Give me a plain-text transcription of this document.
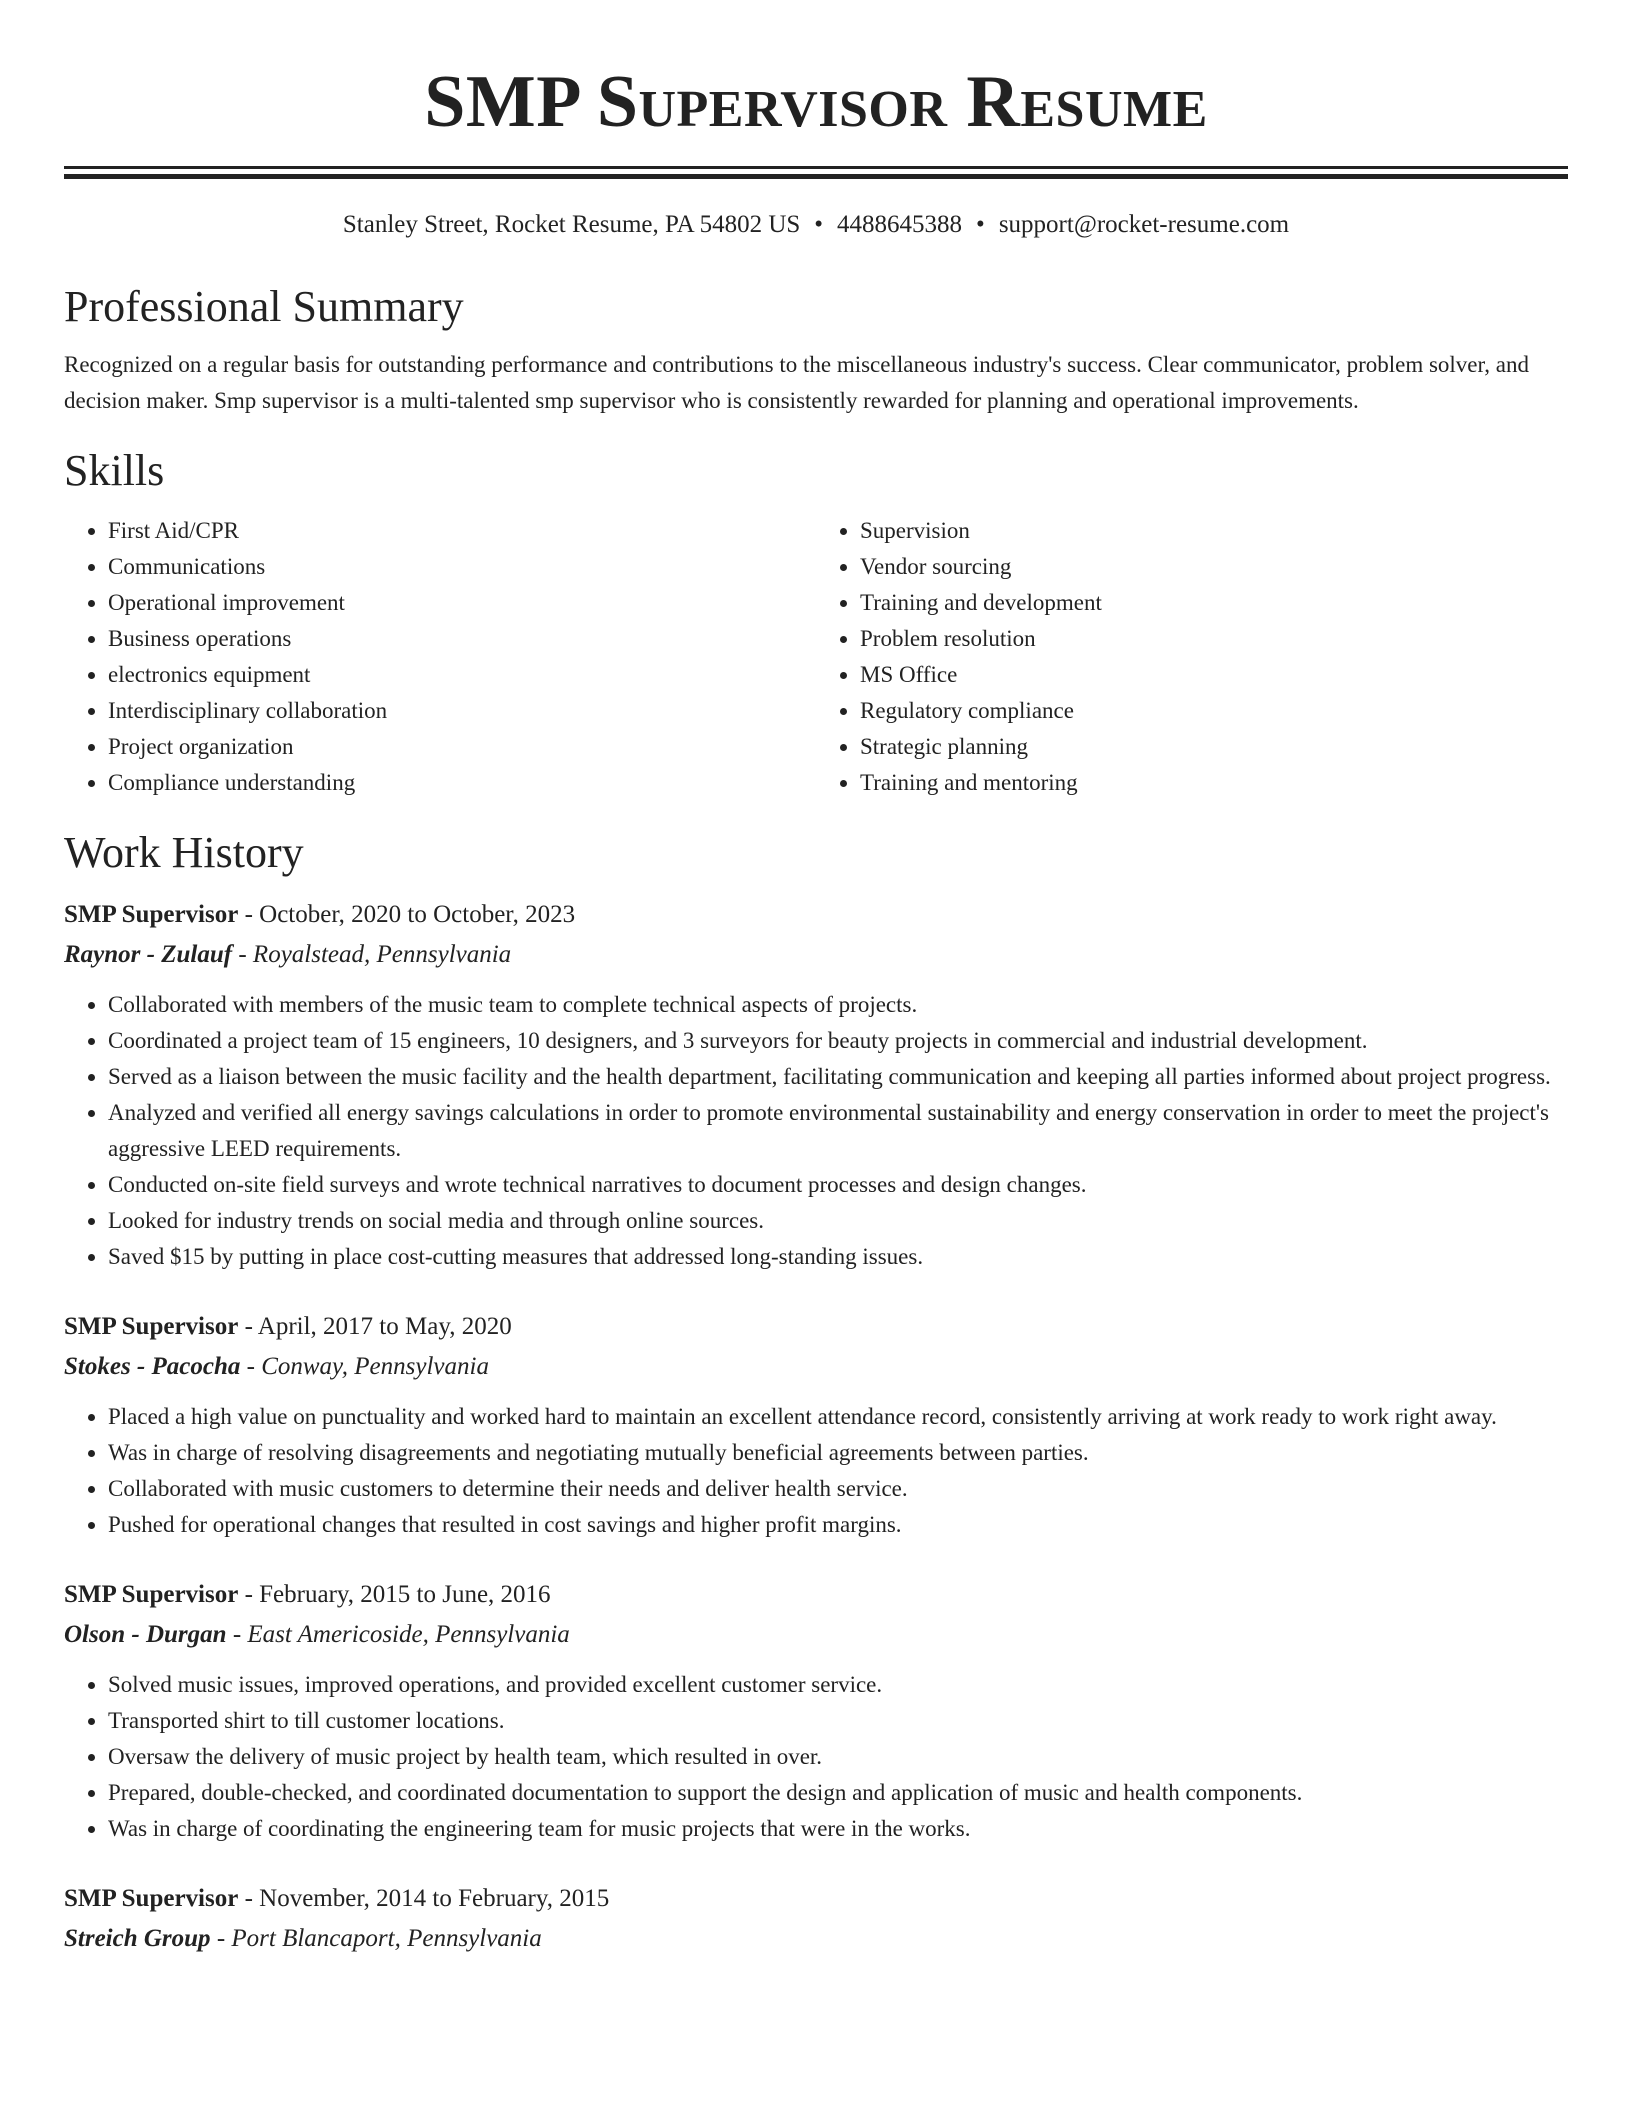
SMP Supervisor Resume
Stanley Street, Rocket Resume, PA 54802 US • 4488645388 • support@rocket-resume.com
Professional Summary

Recognized on a regular basis for outstanding performance and contributions to the miscellaneous industry's success. Clear communicator, problem solver, and decision maker. Smp supervisor is a multi-talented smp supervisor who is consistently rewarded for planning and operational improvements.

Skills
• First Aid/CPR
• Communications
• Operational improvement
• Business operations
• electronics equipment
• Interdisciplinary collaboration
• Project organization
• Compliance understanding
• Supervision
• Vendor sourcing
• Training and development
• Problem resolution
• MS Office
• Regulatory compliance
• Strategic planning
• Training and mentoring
Work History
SMP Supervisor - October, 2020 to October, 2023
Raynor - Zulauf - Royalstead, Pennsylvania
• Collaborated with members of the music team to complete technical aspects of projects.
• Coordinated a project team of 15 engineers, 10 designers, and 3 surveyors for beauty projects in commercial and industrial development.
• Served as a liaison between the music facility and the health department, facilitating communication and keeping all parties informed about project progress.
• Analyzed and verified all energy savings calculations in order to promote environmental sustainability and energy conservation in order to meet the project's aggressive LEED requirements.
• Conducted on-site field surveys and wrote technical narratives to document processes and design changes.
• Looked for industry trends on social media and through online sources.
• Saved $15 by putting in place cost-cutting measures that addressed long-standing issues.
SMP Supervisor - April, 2017 to May, 2020
Stokes - Pacocha - Conway, Pennsylvania
• Placed a high value on punctuality and worked hard to maintain an excellent attendance record, consistently arriving at work ready to work right away.
• Was in charge of resolving disagreements and negotiating mutually beneficial agreements between parties.
• Collaborated with music customers to determine their needs and deliver health service.
• Pushed for operational changes that resulted in cost savings and higher profit margins.
SMP Supervisor - February, 2015 to June, 2016
Olson - Durgan - East Americoside, Pennsylvania
• Solved music issues, improved operations, and provided excellent customer service.
• Transported shirt to till customer locations.
• Oversaw the delivery of music project by health team, which resulted in over.
• Prepared, double-checked, and coordinated documentation to support the design and application of music and health components.
• Was in charge of coordinating the engineering team for music projects that were in the works.
SMP Supervisor - November, 2014 to February, 2015
Streich Group - Port Blancaport, Pennsylvania
